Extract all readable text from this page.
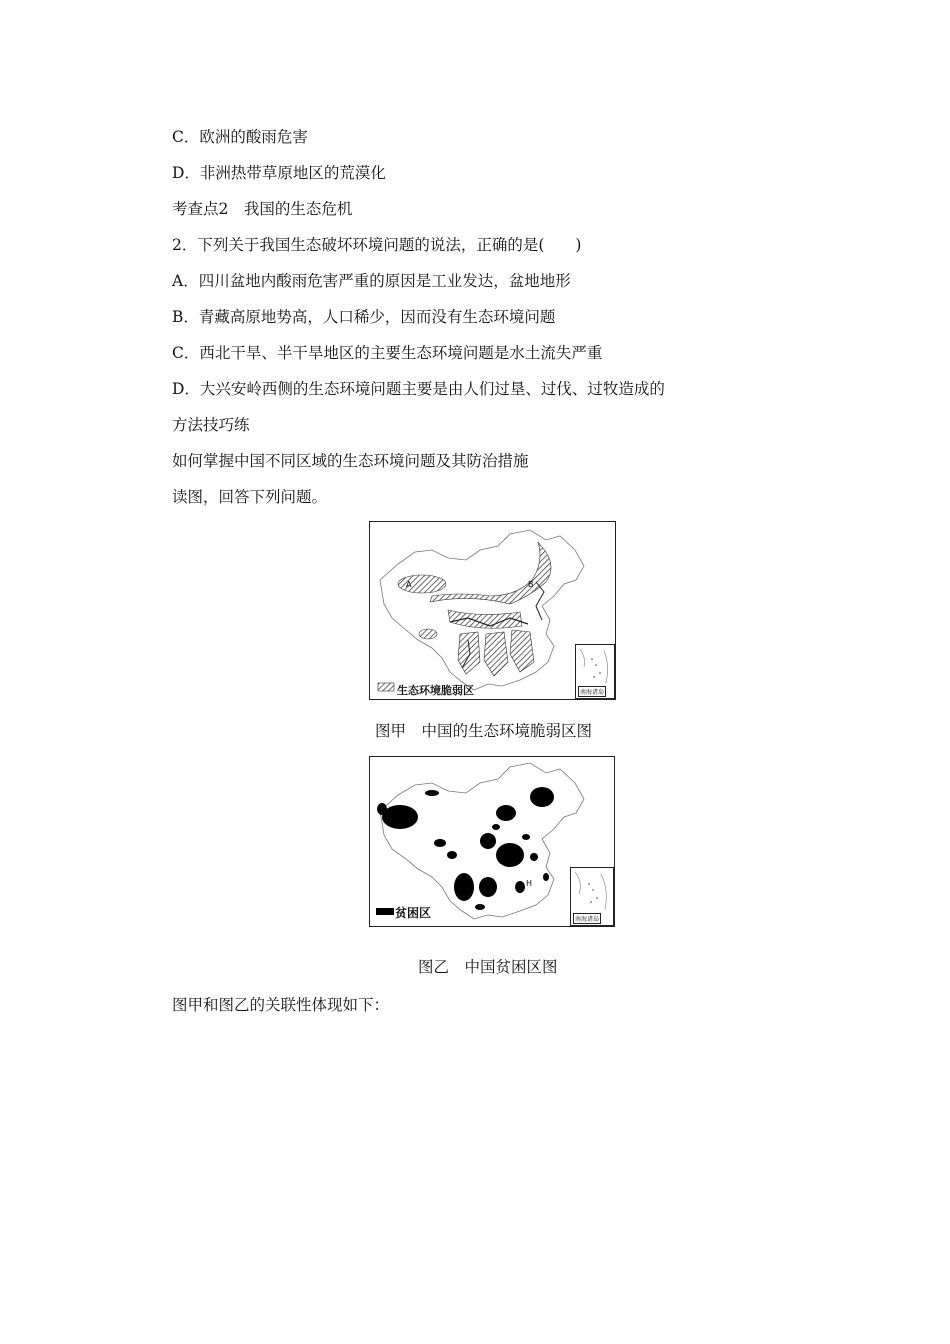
C．欧洲的酸雨危害
D．非洲热带草原地区的荒漠化
考查点2　我国的生态危机
2．下列关于我国生态破坏环境问题的说法，正确的是(　　)
A．四川盆地内酸雨危害严重的原因是工业发达，盆地地形
B．青藏高原地势高，人口稀少，因而没有生态环境问题
C．西北干旱、半干旱地区的主要生态环境问题是水土流失严重
D．大兴安岭西侧的生态环境问题主要是由人们过垦、过伐、过牧造成的
方法技巧练
如何掌握中国不同区域的生态环境问题及其防治措施
读图，回答下列问题。
A	B
生态环境脆弱区	南海诸岛
图甲　中国的生态环境脆弱区图
H
贫困区	南海诸岛
图乙　中国贫困区图
图甲和图乙的关联性体现如下：
